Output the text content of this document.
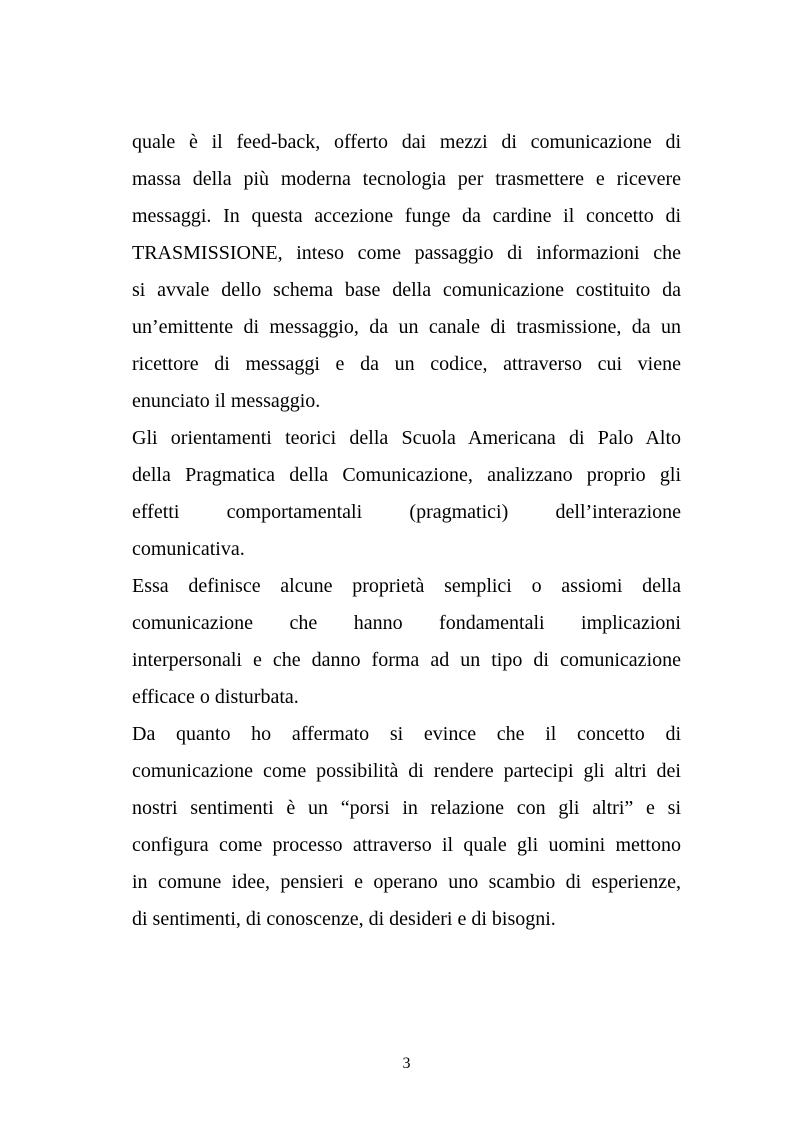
quale è il feed-back, offerto dai mezzi di comunicazione di
massa della più moderna tecnologia per trasmettere e ricevere
messaggi. In questa accezione funge da cardine il concetto di
TRASMISSIONE, inteso come passaggio di informazioni che
si avvale dello schema base della comunicazione costituito da
un’emittente di messaggio, da un canale di trasmissione, da un
ricettore di messaggi e da un codice, attraverso cui viene
enunciato il messaggio.

Gli orientamenti teorici della Scuola Americana di Palo Alto
della Pragmatica della Comunicazione, analizzano proprio gli
effetti comportamentali (pragmatici) dell’interazione
comunicativa.

Essa definisce alcune proprietà semplici o assiomi della
comunicazione che hanno fondamentali implicazioni
interpersonali e che danno forma ad un tipo di comunicazione
efficace o disturbata.

Da quanto ho affermato si evince che il concetto di
comunicazione come possibilità di rendere partecipi gli altri dei
nostri sentimenti è un “porsi in relazione con gli altri” e si
configura come processo attraverso il quale gli uomini mettono
in comune idee, pensieri e operano uno scambio di esperienze,
di sentimenti, di conoscenze, di desideri e di bisogni.

3
